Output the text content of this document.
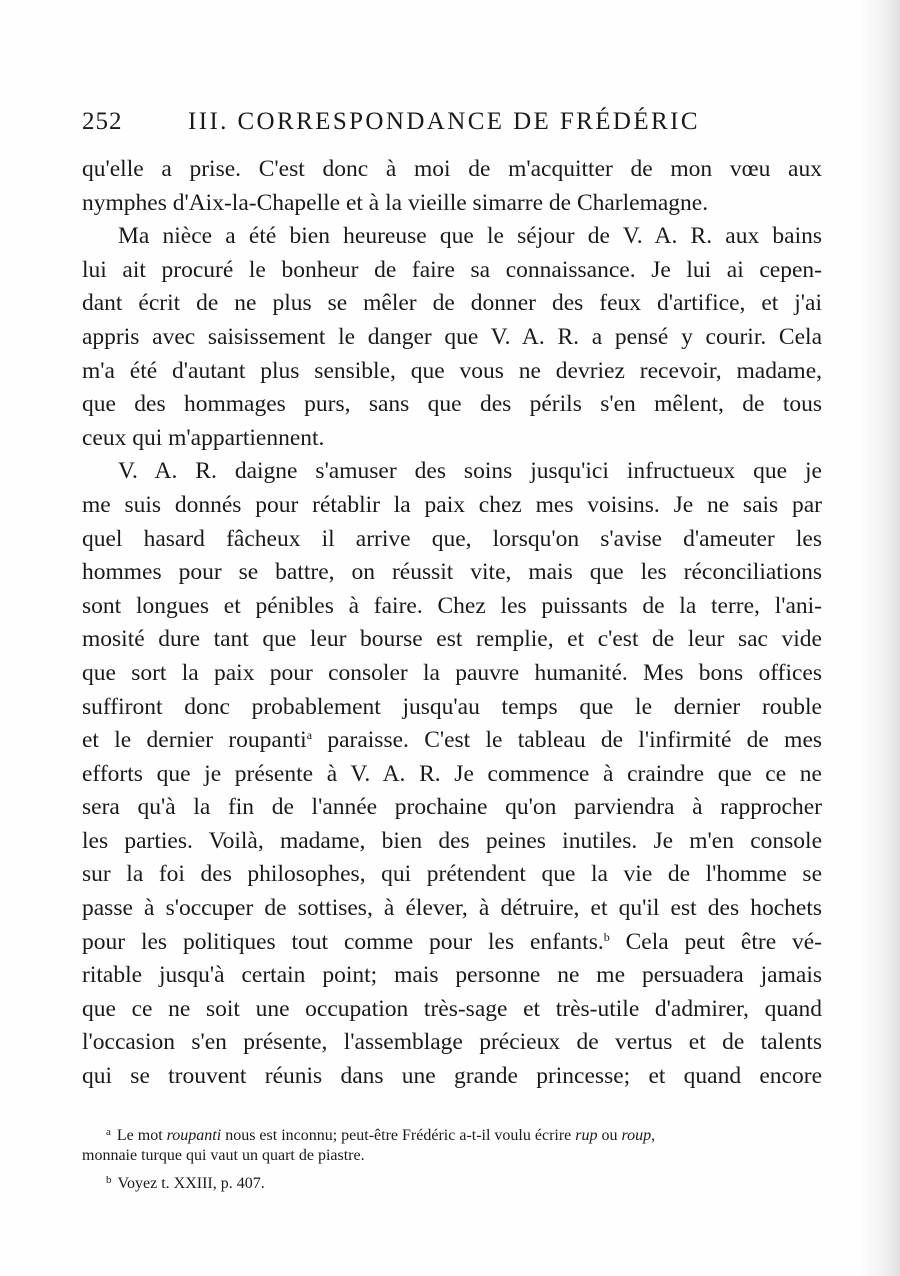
252	III. CORRESPONDANCE DE FRÉDÉRIC
qu'elle a prise. C'est donc à moi de m'acquitter de mon vœu aux
nymphes d'Aix-la-Chapelle et à la vieille simarre de Charlemagne.
Ma nièce a été bien heureuse que le séjour de V. A. R. aux bains
lui ait procuré le bonheur de faire sa connaissance. Je lui ai cepen-
dant écrit de ne plus se mêler de donner des feux d'artifice, et j'ai
appris avec saisissement le danger que V. A. R. a pensé y courir. Cela
m'a été d'autant plus sensible, que vous ne devriez recevoir, madame,
que des hommages purs, sans que des périls s'en mêlent, de tous
ceux qui m'appartiennent.
V. A. R. daigne s'amuser des soins jusqu'ici infructueux que je
me suis donnés pour rétablir la paix chez mes voisins. Je ne sais par
quel hasard fâcheux il arrive que, lorsqu'on s'avise d'ameuter les
hommes pour se battre, on réussit vite, mais que les réconciliations
sont longues et pénibles à faire. Chez les puissants de la terre, l'ani-
mosité dure tant que leur bourse est remplie, et c'est de leur sac vide
que sort la paix pour consoler la pauvre humanité. Mes bons offices
suffiront donc probablement jusqu'au temps que le dernier rouble
et le dernier roupanti$^a$ paraisse. C'est le tableau de l'infirmité de mes
efforts que je présente à V. A. R. Je commence à craindre que ce ne
sera qu'à la fin de l'année prochaine qu'on parviendra à rapprocher
les parties. Voilà, madame, bien des peines inutiles. Je m'en console
sur la foi des philosophes, qui prétendent que la vie de l'homme se
passe à s'occuper de sottises, à élever, à détruire, et qu'il est des hochets
pour les politiques tout comme pour les enfants.$^b$ Cela peut être vé-
ritable jusqu'à certain point; mais personne ne me persuadera jamais
que ce ne soit une occupation très-sage et très-utile d'admirer, quand
l'occasion s'en présente, l'assemblage précieux de vertus et de talents
qui se trouvent réunis dans une grande princesse; et quand encore
$^a$ Le mot roupanti nous est inconnu; peut-être Frédéric a-t-il voulu écrire rup ou roup,
monnaie turque qui vaut un quart de piastre.
$^b$ Voyez t. XXIII, p. 407.
